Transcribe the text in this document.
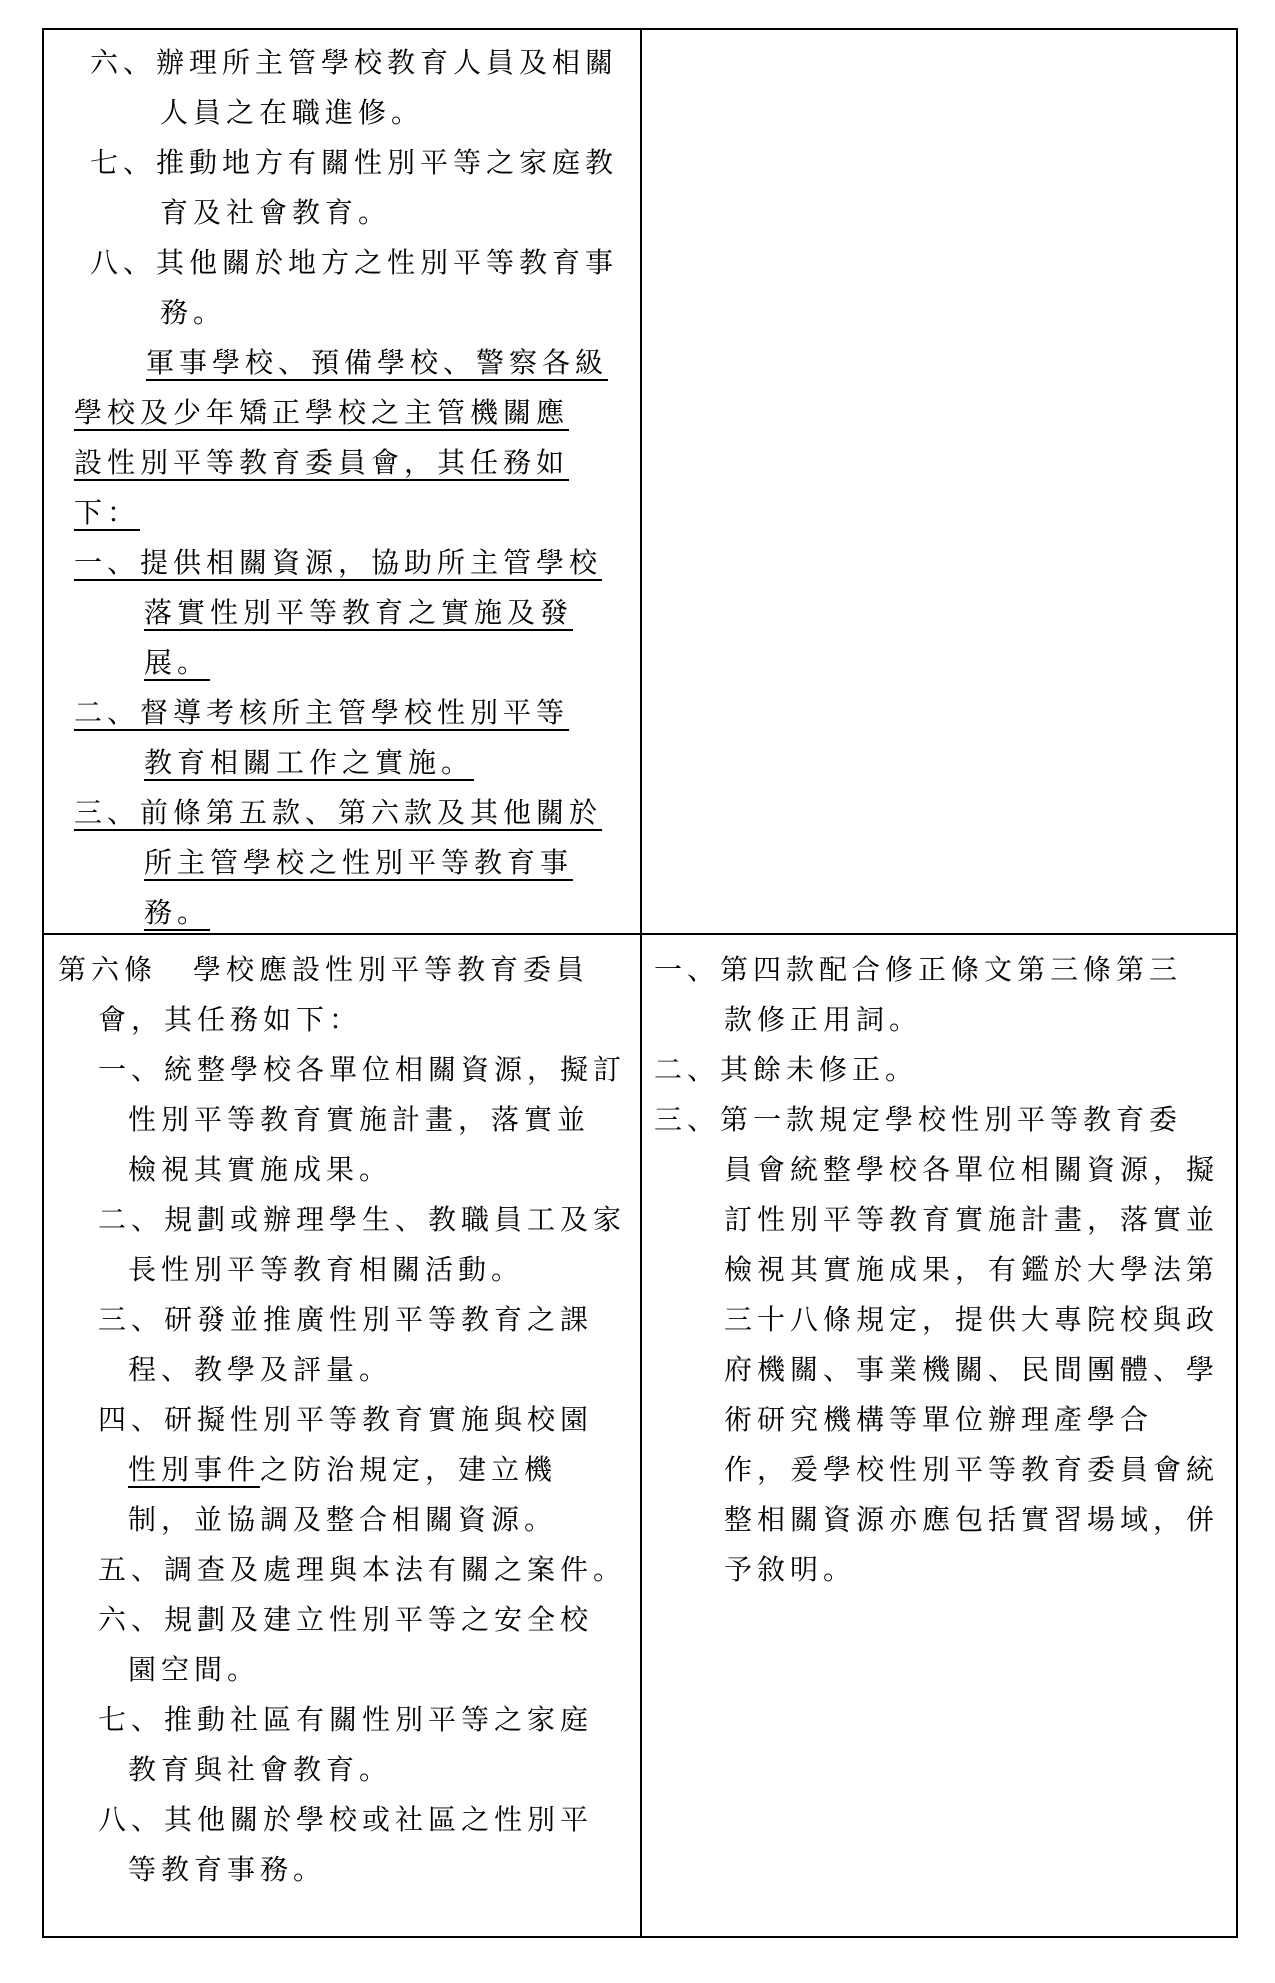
六、辦理所主管學校教育人員及相關
人員之在職進修。
七、推動地方有關性別平等之家庭教
育及社會教育。
八、其他關於地方之性別平等教育事
務。
軍事學校、預備學校、警察各級
學校及少年矯正學校之主管機關應
設性別平等教育委員會，其任務如
下：
一、提供相關資源，協助所主管學校
落實性別平等教育之實施及發
展。
二、督導考核所主管學校性別平等
教育相關工作之實施。
三、前條第五款、第六款及其他關於
所主管學校之性別平等教育事
務。
第六條 學校應設性別平等教育委員
會，其任務如下：
一、統整學校各單位相關資源，擬訂
性別平等教育實施計畫，落實並
檢視其實施成果。
二、規劃或辦理學生、教職員工及家
長性別平等教育相關活動。
三、研發並推廣性別平等教育之課
程、教學及評量。
四、研擬性別平等教育實施與校園
性別事件之防治規定，建立機
制，並協調及整合相關資源。
五、調查及處理與本法有關之案件。
六、規劃及建立性別平等之安全校
園空間。
七、推動社區有關性別平等之家庭
教育與社會教育。
八、其他關於學校或社區之性別平
等教育事務。
一、第四款配合修正條文第三條第三
款修正用詞。
二、其餘未修正。
三、第一款規定學校性別平等教育委
員會統整學校各單位相關資源，擬
訂性別平等教育實施計畫，落實並
檢視其實施成果，有鑑於大學法第
三十八條規定，提供大專院校與政
府機關、事業機關、民間團體、學
術研究機構等單位辦理產學合
作，爰學校性別平等教育委員會統
整相關資源亦應包括實習場域，併
予敘明。
